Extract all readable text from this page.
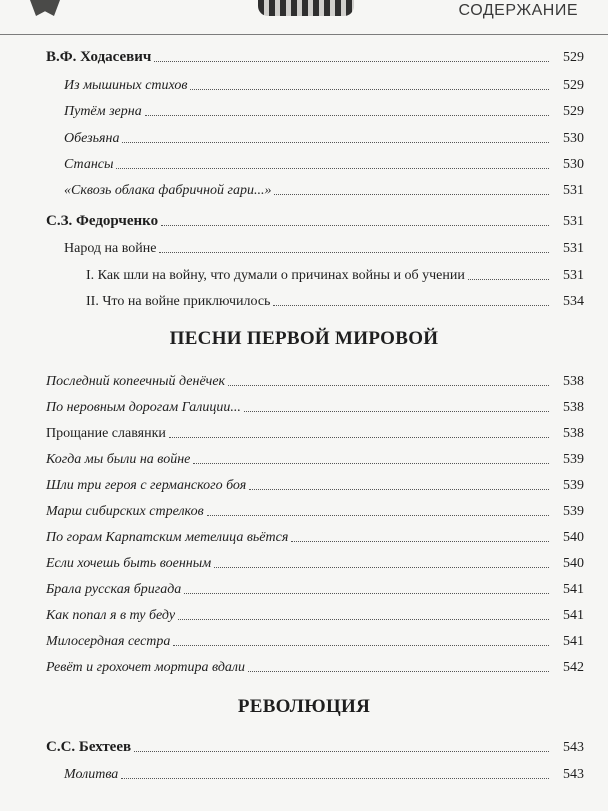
СОДЕРЖАНИЕ
В.Ф. Ходасевич	529
Из мышиных стихов	529
Путём зерна	529
Обезьяна	530
Стансы	530
«Сквозь облака фабричной гари...»	531
С.З. Федорченко	531
Народ на войне	531
I. Как шли на войну, что думали о причинах войны и об учении	531
II. Что на войне приключилось	534
Последний копеечный денёчек	538
По неровным дорогам Галиции...	538
Прощание славянки	538
Когда мы были на войне	539
Шли три героя с германского боя	539
Марш сибирских стрелков	539
По горам Карпатским метелица вьётся	540
Если хочешь быть военным	540
Брала русская бригада	541
Как попал я в ту беду	541
Милосердная сестра	541
Ревёт и грохочет мортира вдали	542
С.С. Бехтеев	543
Молитва	543
ПЕСНИ ПЕРВОЙ МИРОВОЙ
РЕВОЛЮЦИЯ
